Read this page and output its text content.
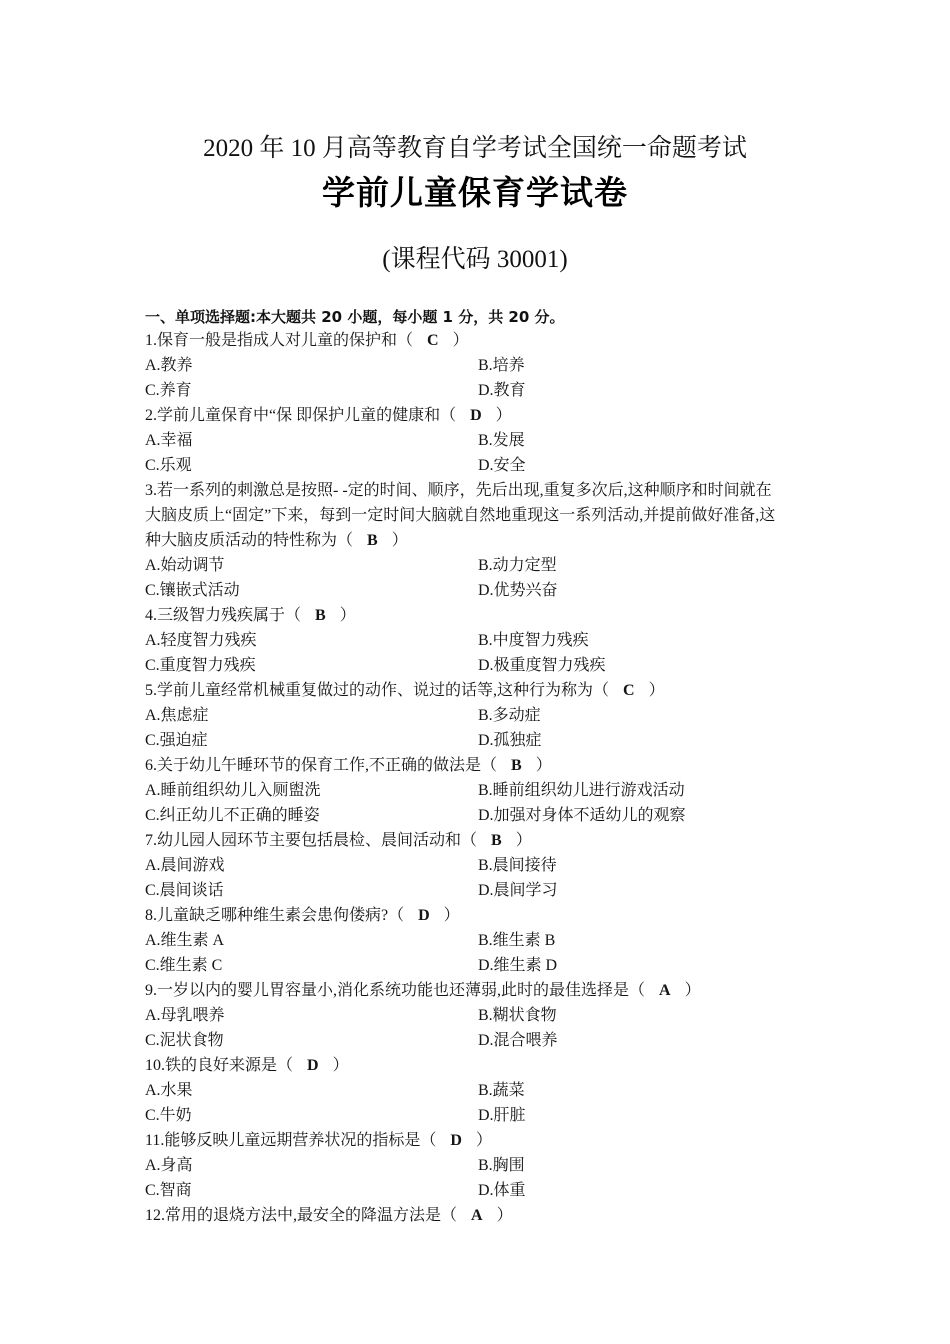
2020 年 10 月高等教育自学考试全国统一命题考试
学前儿童保育学试卷
(课程代码 30001)
一、单项选择题:本大题共 20 小题，每小题 1 分，共 20 分。
1.保育一般是指成人对儿童的保护和（ C ）
A.教养	B.培养
C.养育	D.教育
2.学前儿童保育中“保 即保护儿童的健康和（ D ）
A.幸福	B.发展
C.乐观	D.安全
3.若一系列的刺激总是按照- -定的时间、顺序，先后出现,重复多次后,这种顺序和时间就在
大脑皮质上“固定”下来，每到一定时间大脑就自然地重现这一系列活动,并提前做好准备,这
种大脑皮质活动的特性称为（ B ）
A.始动调节	B.动力定型
C.镶嵌式活动	D.优势兴奋
4.三级智力残疾属于（ B ）
A.轻度智力残疾	B.中度智力残疾
C.重度智力残疾	D.极重度智力残疾
5.学前儿童经常机械重复做过的动作、说过的话等,这种行为称为（ C ）
A.焦虑症	B.多动症
C.强迫症	D.孤独症
6.关于幼儿午睡环节的保育工作,不正确的做法是（ B ）
A.睡前组织幼儿入厕盥洗	B.睡前组织幼儿进行游戏活动
C.纠正幼儿不正确的睡姿	D.加强对身体不适幼儿的观察
7.幼儿园人园环节主要包括晨检、晨间活动和（ B ）
A.晨间游戏	B.晨间接待
C.晨间谈话	D.晨间学习
8.儿童缺乏哪种维生素会患佝偻病?（ D ）
A.维生素 A	B.维生素 B
C.维生素 C	D.维生素 D
9.一岁以内的婴儿胃容量小,消化系统功能也还薄弱,此时的最佳选择是（ A ）
A.母乳喂养	B.糊状食物
C.泥状食物	D.混合喂养
10.铁的良好来源是（ D ）
A.水果	B.蔬菜
C.牛奶	D.肝脏
11.能够反映儿童远期营养状况的指标是（ D ）
A.身高	B.胸围
C.智商	D.体重
12.常用的退烧方法中,最安全的降温方法是（ A ）
